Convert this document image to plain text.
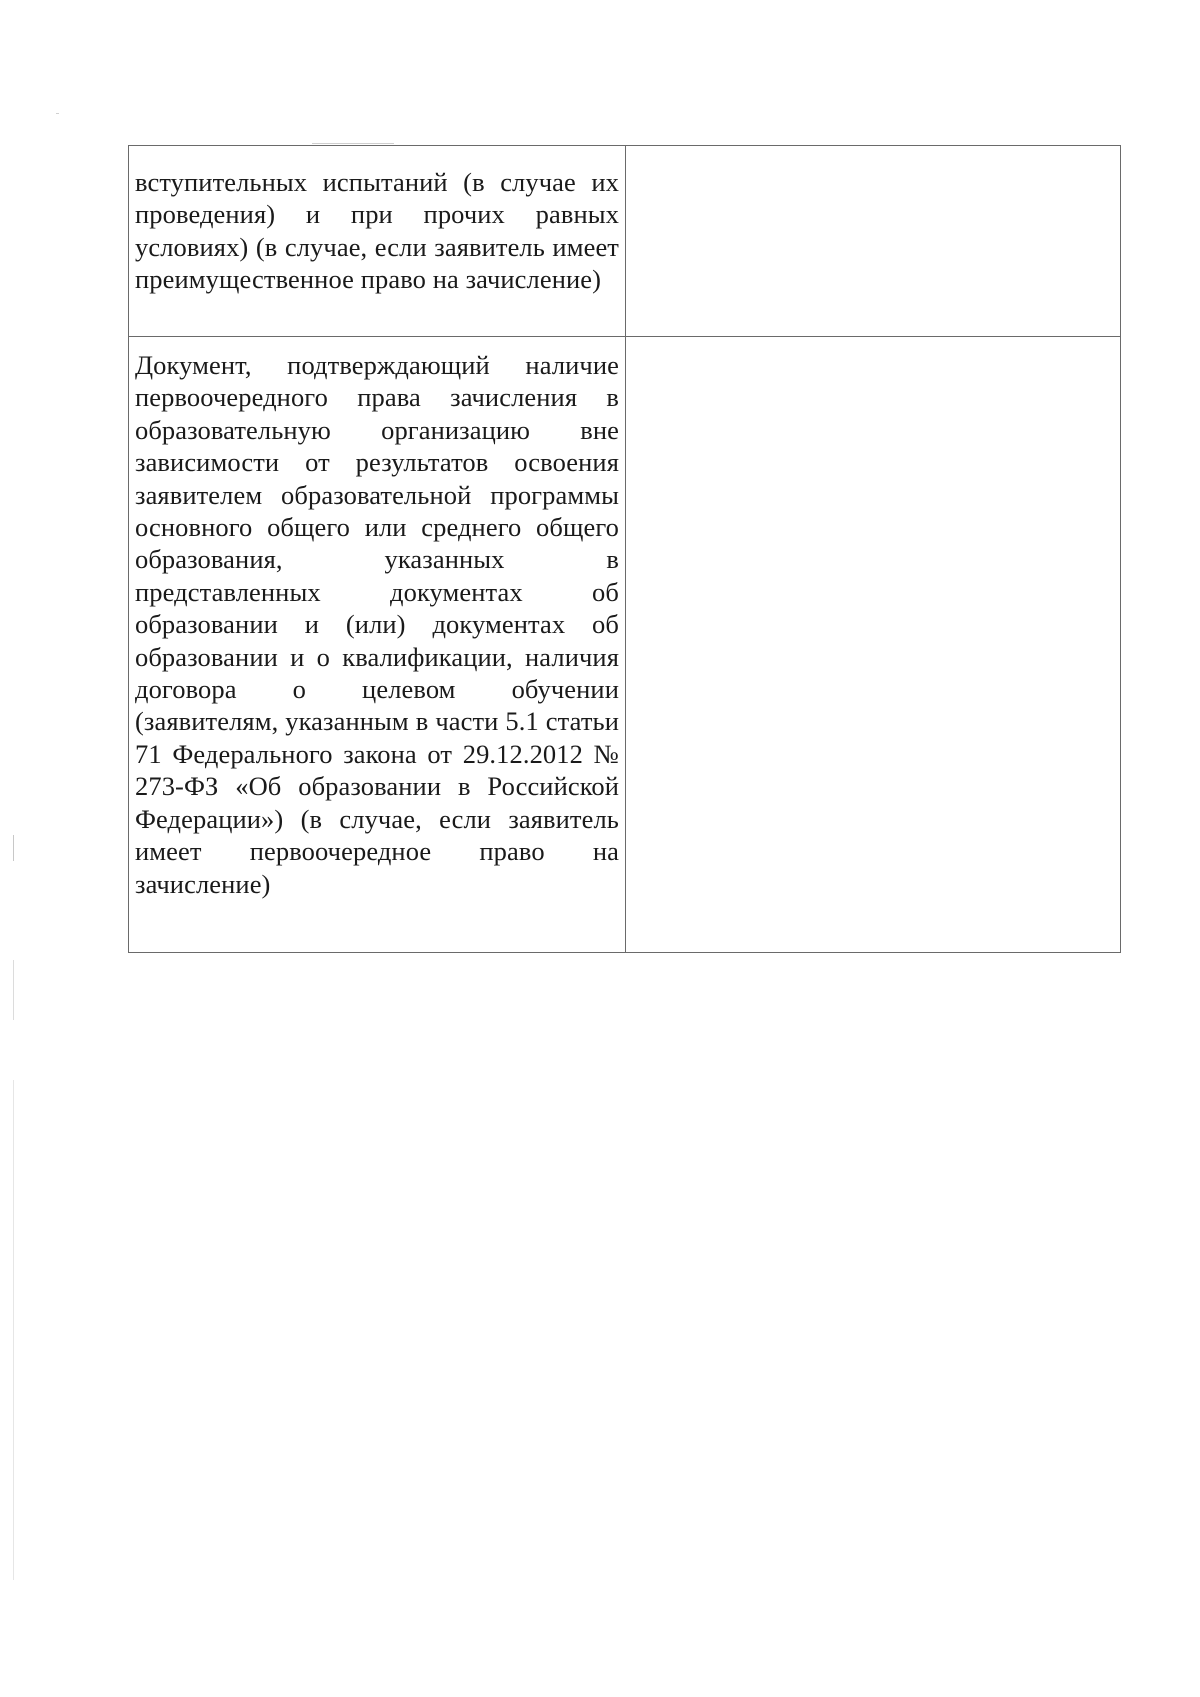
вступительных испытаний (в случае их проведения) и при прочих равных условиях) (в случае, если заявитель имеет преимущественное право на зачисление)	

Документ, подтверждающий наличие первоочередного права зачисления в образовательную организацию вне зависимости от результатов освоения заявителем образовательной программы основного общего или среднего общего образования, указанных в представленных документах об образовании и (или) документах об образовании и о квалификации, наличия договора о целевом обучении (заявителям, указанным в части 5.1 статьи 71 Федерального закона от 29.12.2012 № 273-ФЗ «Об образовании в Российской Федерации») (в случае, если заявитель имеет первоочередное право на зачисление)	
